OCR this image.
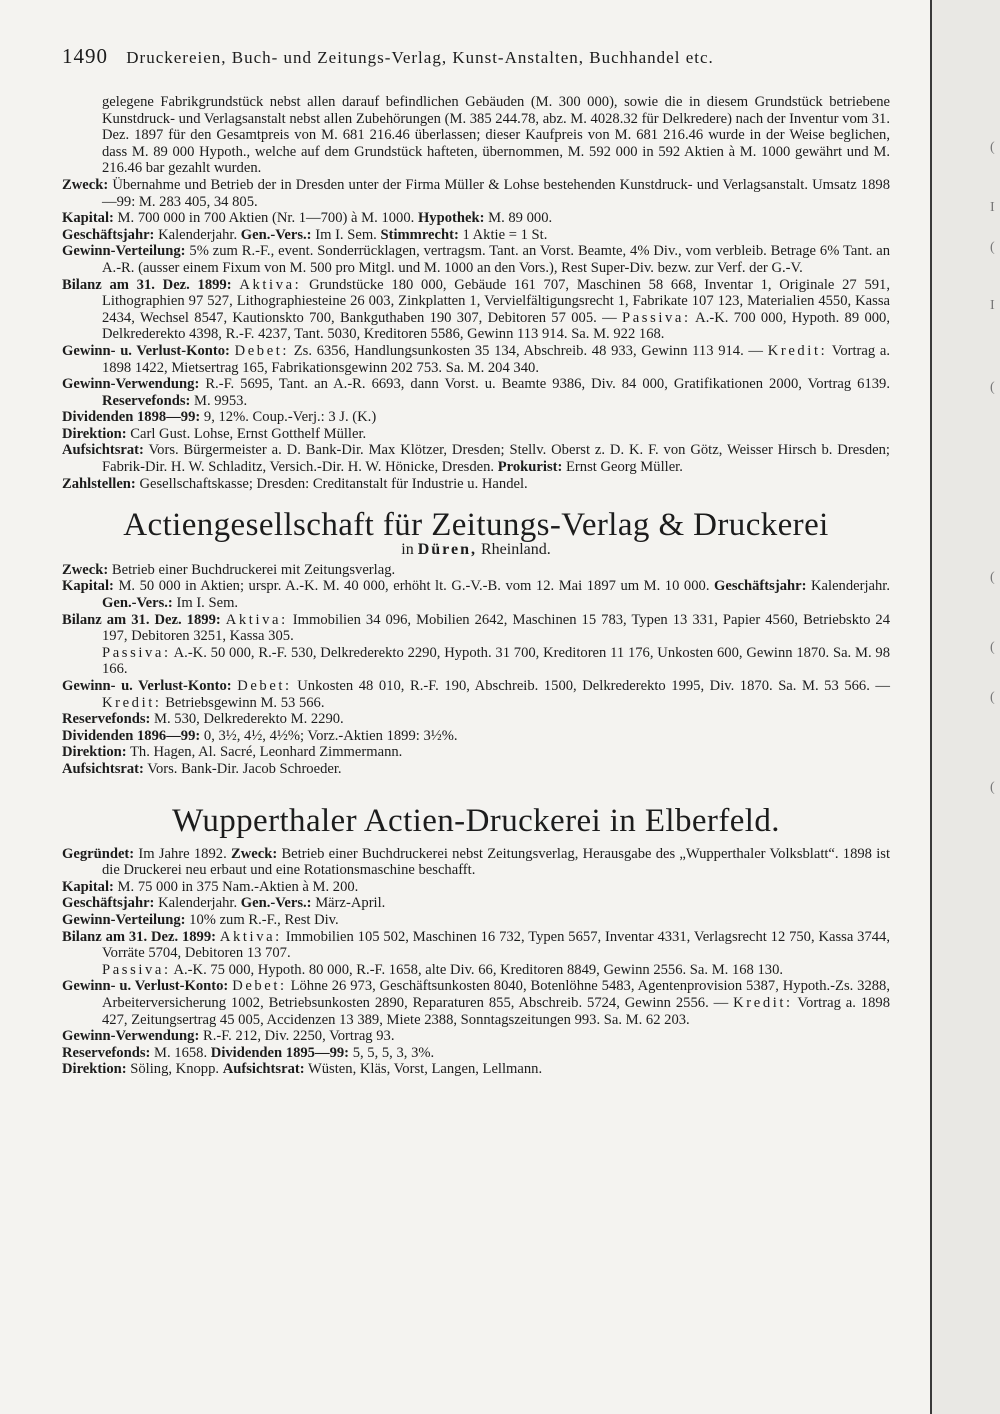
(
I
(
I
(
(
(
(
(
1490 Druckereien, Buch- und Zeitungs-Verlag, Kunst-Anstalten, Buchhandel etc.

gelegene Fabrikgrundstück nebst allen darauf befindlichen Gebäuden (M. 300 000), sowie die in diesem Grundstück betriebene Kunstdruck- und Verlagsanstalt nebst allen Zubehörungen (M. 385 244.78, abz. M. 4028.32 für Delkredere) nach der Inventur vom 31. Dez. 1897 für den Gesamtpreis von M. 681 216.46 überlassen; dieser Kaufpreis von M. 681 216.46 wurde in der Weise beglichen, dass M. 89 000 Hypoth., welche auf dem Grundstück hafteten, übernommen, M. 592 000 in 592 Aktien à M. 1000 gewährt und M. 216.46 bar gezahlt wurden.

Zweck: Übernahme und Betrieb der in Dresden unter der Firma Müller & Lohse bestehenden Kunstdruck- und Verlagsanstalt. Umsatz 1898—99: M. 283 405, 34 805.

Kapital: M. 700 000 in 700 Aktien (Nr. 1—700) à M. 1000. Hypothek: M. 89 000.

Geschäftsjahr: Kalenderjahr. Gen.-Vers.: Im I. Sem. Stimmrecht: 1 Aktie = 1 St.

Gewinn-Verteilung: 5% zum R.-F., event. Sonderrücklagen, vertragsm. Tant. an Vorst. Beamte, 4% Div., vom verbleib. Betrage 6% Tant. an A.-R. (ausser einem Fixum von M. 500 pro Mitgl. und M. 1000 an den Vors.), Rest Super-Div. bezw. zur Verf. der G.-V.

Bilanz am 31. Dez. 1899: Aktiva: Grundstücke 180 000, Gebäude 161 707, Maschinen 58 668, Inventar 1, Originale 27 591, Lithographien 97 527, Lithographiesteine 26 003, Zinkplatten 1, Vervielfältigungsrecht 1, Fabrikate 107 123, Materialien 4550, Kassa 2434, Wechsel 8547, Kautionskto 700, Bankguthaben 190 307, Debitoren 57 005. — Passiva: A.-K. 700 000, Hypoth. 89 000, Delkrederekto 4398, R.-F. 4237, Tant. 5030, Kreditoren 5586, Gewinn 113 914. Sa. M. 922 168.

Gewinn- u. Verlust-Konto: Debet: Zs. 6356, Handlungsunkosten 35 134, Abschreib. 48 933, Gewinn 113 914. — Kredit: Vortrag a. 1898 1422, Mietsertrag 165, Fabrikationsgewinn 202 753. Sa. M. 204 340.

Gewinn-Verwendung: R.-F. 5695, Tant. an A.-R. 6693, dann Vorst. u. Beamte 9386, Div. 84 000, Gratifikationen 2000, Vortrag 6139. Reservefonds: M. 9953.

Dividenden 1898—99: 9, 12%. Coup.-Verj.: 3 J. (K.)

Direktion: Carl Gust. Lohse, Ernst Gotthelf Müller.

Aufsichtsrat: Vors. Bürgermeister a. D. Bank-Dir. Max Klötzer, Dresden; Stellv. Oberst z. D. K. F. von Götz, Weisser Hirsch b. Dresden; Fabrik-Dir. H. W. Schladitz, Versich.-Dir. H. W. Hönicke, Dresden. Prokurist: Ernst Georg Müller.

Zahlstellen: Gesellschaftskasse; Dresden: Creditanstalt für Industrie u. Handel.

Actiengesellschaft für Zeitungs-Verlag & Druckerei
in Düren, Rheinland.

Zweck: Betrieb einer Buchdruckerei mit Zeitungsverlag.

Kapital: M. 50 000 in Aktien; urspr. A.-K. M. 40 000, erhöht lt. G.-V.-B. vom 12. Mai 1897 um M. 10 000. Geschäftsjahr: Kalenderjahr. Gen.-Vers.: Im I. Sem.

Bilanz am 31. Dez. 1899: Aktiva: Immobilien 34 096, Mobilien 2642, Maschinen 15 783, Typen 13 331, Papier 4560, Betriebskto 24 197, Debitoren 3251, Kassa 305.

Passiva: A.-K. 50 000, R.-F. 530, Delkrederekto 2290, Hypoth. 31 700, Kreditoren 11 176, Unkosten 600, Gewinn 1870. Sa. M. 98 166.

Gewinn- u. Verlust-Konto: Debet: Unkosten 48 010, R.-F. 190, Abschreib. 1500, Delkrederekto 1995, Div. 1870. Sa. M. 53 566. — Kredit: Betriebsgewinn M. 53 566.

Reservefonds: M. 530, Delkrederekto M. 2290.

Dividenden 1896—99: 0, 3½, 4½, 4½%; Vorz.-Aktien 1899: 3½%.

Direktion: Th. Hagen, Al. Sacré, Leonhard Zimmermann.

Aufsichtsrat: Vors. Bank-Dir. Jacob Schroeder.

Wupperthaler Actien-Druckerei in Elberfeld.

Gegründet: Im Jahre 1892. Zweck: Betrieb einer Buchdruckerei nebst Zeitungsverlag, Herausgabe des „Wupperthaler Volksblatt“. 1898 ist die Druckerei neu erbaut und eine Rotationsmaschine beschafft.

Kapital: M. 75 000 in 375 Nam.-Aktien à M. 200.

Geschäftsjahr: Kalenderjahr. Gen.-Vers.: März-April.

Gewinn-Verteilung: 10% zum R.-F., Rest Div.

Bilanz am 31. Dez. 1899: Aktiva: Immobilien 105 502, Maschinen 16 732, Typen 5657, Inventar 4331, Verlagsrecht 12 750, Kassa 3744, Vorräte 5704, Debitoren 13 707.

Passiva: A.-K. 75 000, Hypoth. 80 000, R.-F. 1658, alte Div. 66, Kreditoren 8849, Gewinn 2556. Sa. M. 168 130.

Gewinn- u. Verlust-Konto: Debet: Löhne 26 973, Geschäftsunkosten 8040, Botenlöhne 5483, Agentenprovision 5387, Hypoth.-Zs. 3288, Arbeiterversicherung 1002, Betriebsunkosten 2890, Reparaturen 855, Abschreib. 5724, Gewinn 2556. — Kredit: Vortrag a. 1898 427, Zeitungsertrag 45 005, Accidenzen 13 389, Miete 2388, Sonntagszeitungen 993. Sa. M. 62 203.

Gewinn-Verwendung: R.-F. 212, Div. 2250, Vortrag 93.

Reservefonds: M. 1658. Dividenden 1895—99: 5, 5, 5, 3, 3%.

Direktion: Söling, Knopp. Aufsichtsrat: Wüsten, Kläs, Vorst, Langen, Lellmann.
